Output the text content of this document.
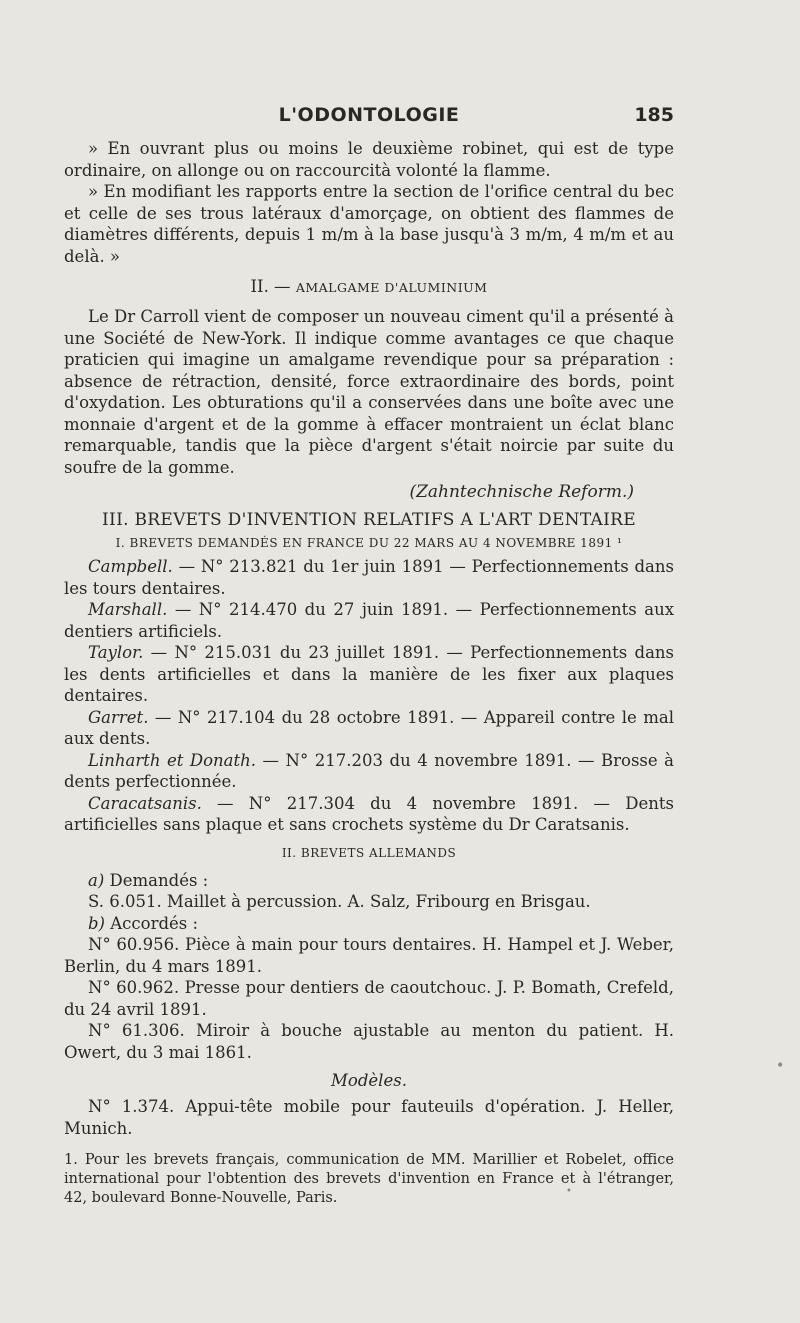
L'ODONTOLOGIE	185

» En ouvrant plus ou moins le deuxième robinet, qui est de type ordinaire, on allonge ou on raccourcità volonté la flamme.

» En modifiant les rapports entre la section de l'orifice central du bec et celle de ses trous latéraux d'amorçage, on obtient des flammes de diamètres différents, depuis 1 m/m à la base jusqu'à 3 m/m, 4 m/m et au delà. »

II. — AMALGAME D'ALUMINIUM

Le Dr Carroll vient de composer un nouveau ciment qu'il a présenté à une Société de New-York. Il indique comme avantages ce que chaque praticien qui imagine un amalgame revendique pour sa préparation : absence de rétraction, densité, force extraordinaire des bords, point d'oxydation. Les obturations qu'il a conservées dans une boîte avec une monnaie d'argent et de la gomme à effacer montraient un éclat blanc remarquable, tandis que la pièce d'argent s'était noircie par suite du soufre de la gomme.

(Zahntechnische Reform.)
III. BREVETS D'INVENTION RELATIFS A L'ART DENTAIRE
I. BREVETS DEMANDÉS EN FRANCE DU 22 MARS AU 4 NOVEMBRE 1891 ¹

Campbell. — N° 213.821 du 1er juin 1891 — Perfectionnements dans les tours dentaires.

Marshall. — N° 214.470 du 27 juin 1891. — Perfectionnements aux dentiers artificiels.

Taylor. — N° 215.031 du 23 juillet 1891. — Perfectionnements dans les dents artificielles et dans la manière de les fixer aux plaques dentaires.

Garret. — N° 217.104 du 28 octobre 1891. — Appareil contre le mal aux dents.

Linharth et Donath. — N° 217.203 du 4 novembre 1891. — Brosse à dents perfectionnée.

Caracatsanis. — N° 217.304 du 4 novembre 1891. — Dents artificielles sans plaque et sans crochets système du Dr Caratsanis.

II. BREVETS ALLEMANDS

a) Demandés :

S. 6.051. Maillet à percussion. A. Salz, Fribourg en Brisgau.

b) Accordés :

N° 60.956. Pièce à main pour tours dentaires. H. Hampel et J. Weber, Berlin, du 4 mars 1891.

N° 60.962. Presse pour dentiers de caoutchouc. J. P. Bomath, Crefeld, du 24 avril 1891.

N° 61.306. Miroir à bouche ajustable au menton du patient. H. Owert, du 3 mai 1861.

Modèles.

N° 1.374. Appui-tête mobile pour fauteuils d'opération. J. Heller, Munich.

1. Pour les brevets français, communication de MM. Marillier et Robelet, office international pour l'obtention des brevets d'invention en France et à l'étranger, 42, boulevard Bonne-Nouvelle, Paris.

•
•
